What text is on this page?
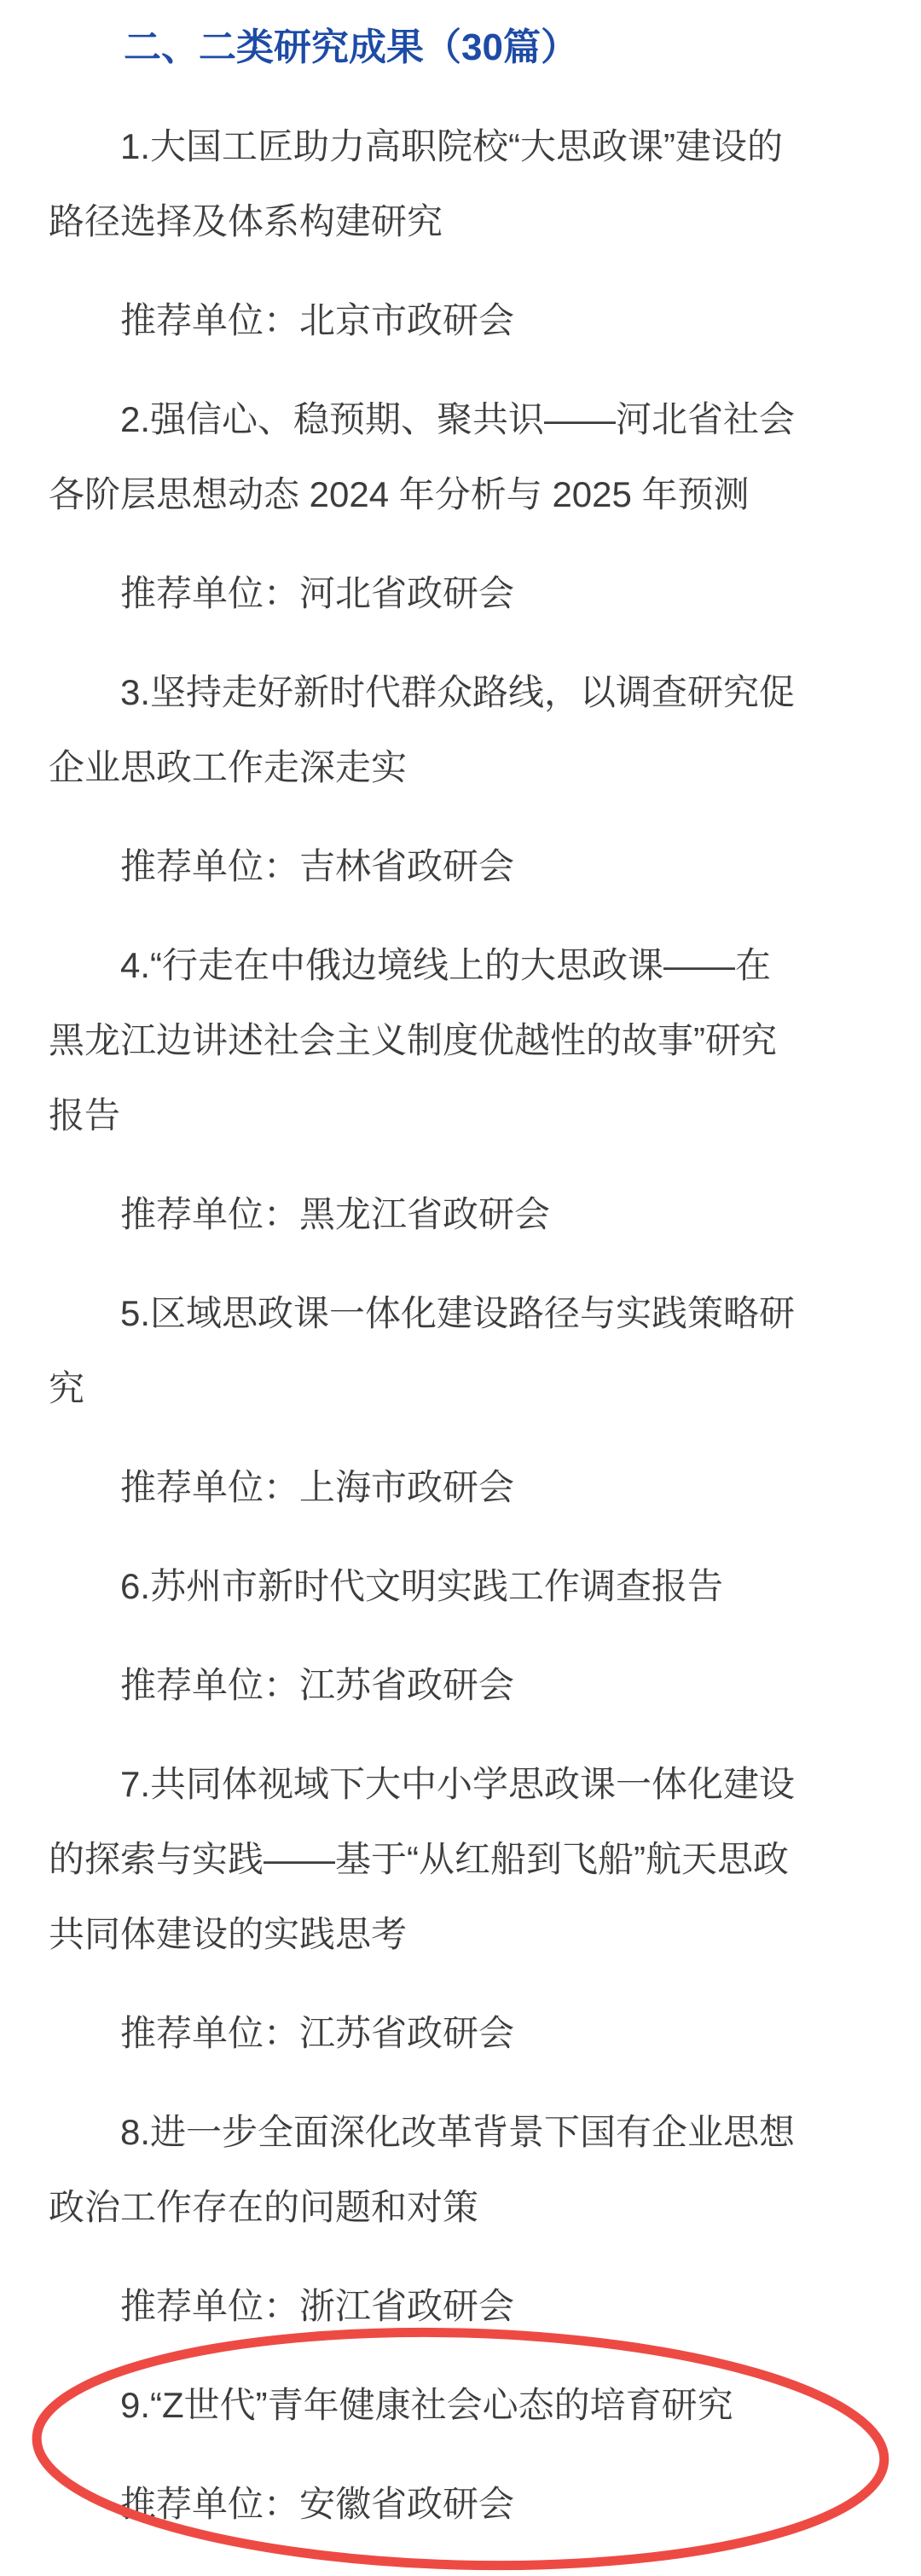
二、二类研究成果（30篇）

1.大国工匠助力高职院校“大思政课”建设的
路径选择及体系构建研究

推荐单位：北京市政研会

2.强信心、稳预期、聚共识——河北省社会
各阶层思想动态 2024 年分析与 2025 年预测

推荐单位：河北省政研会

3.坚持走好新时代群众路线，以调查研究促
企业思政工作走深走实

推荐单位：吉林省政研会

4.“行走在中俄边境线上的大思政课——在
黑龙江边讲述社会主义制度优越性的故事”研究
报告

推荐单位：黑龙江省政研会

5.区域思政课一体化建设路径与实践策略研
究

推荐单位：上海市政研会

6.苏州市新时代文明实践工作调查报告

推荐单位：江苏省政研会

7.共同体视域下大中小学思政课一体化建设
的探索与实践——基于“从红船到飞船”航天思政
共同体建设的实践思考

推荐单位：江苏省政研会

8.进一步全面深化改革背景下国有企业思想
政治工作存在的问题和对策

推荐单位：浙江省政研会

9.“Z世代”青年健康社会心态的培育研究

推荐单位：安徽省政研会
